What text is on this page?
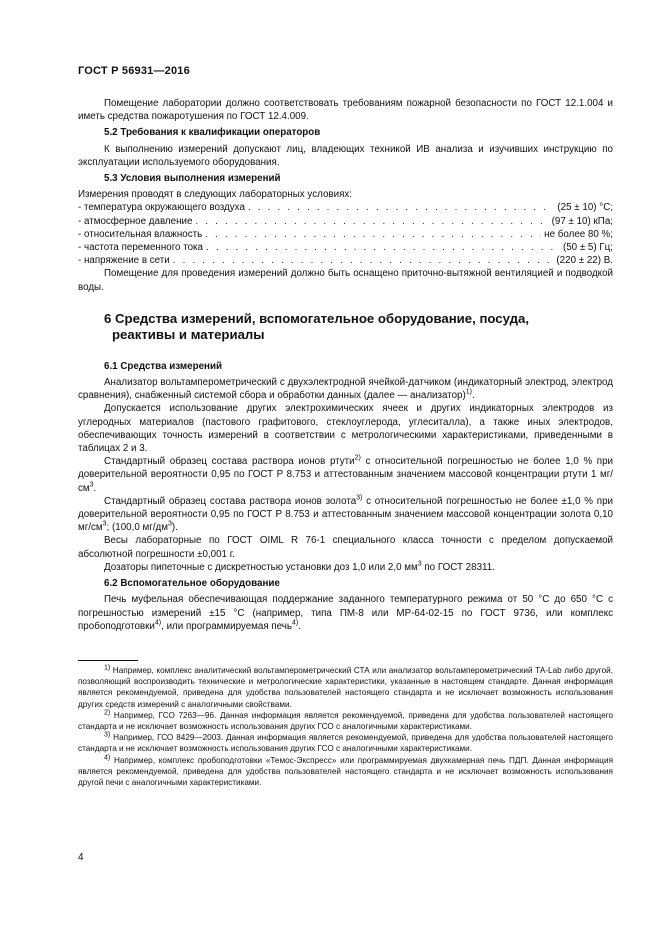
ГОСТ Р 56931—2016

Помещение лаборатории должно соответствовать требованиям пожарной безопасности по ГОСТ 12.1.004 и иметь средства пожаротушения по ГОСТ 12.4.009.

5.2 Требования к квалификации операторов

К выполнению измерений допускают лиц, владеющих техникой ИВ анализа и изучивших инструкцию по эксплуатации используемого оборудования.

5.3 Условия выполнения измерений

Измерения проводят в следующих лабораторных условиях:

- температура окружающего воздуха . . .	(25 ± 10) °С;
- атмосферное давление . . .	(97 ± 10) кПа;
- относительная влажность . . .	не более 80 %;
- частота переменного тока . . .	(50 ± 5) Гц;
- напряжение в сети . . .	(220 ± 22) В.

Помещение для проведения измерений должно быть оснащено приточно-вытяжной вентиляцией и подводкой воды.

6 Средства измерений, вспомогательное оборудование, посуда,
реактивы и материалы

6.1 Средства измерений

Анализатор вольтамперометрический с двухэлектродной ячейкой-датчиком (индикаторный электрод, электрод сравнения), снабженный системой сбора и обработки данных (далее — анализатор)$^{1)}$.

Допускается использование других электрохимических ячеек и других индикаторных электродов из углеродных материалов (пастового графитового, стеклоуглерода, углеситалла), а также иных электродов, обеспечивающих точность измерений в соответствии с метрологическими характеристиками, приведенными в таблицах 2 и 3.

Стандартный образец состава раствора ионов ртути$^{2)}$ с относительной погрешностью не более 1,0 % при доверительной вероятности 0,95 по ГОСТ Р 8.753 и аттестованным значением массовой концентрации ртути 1 $мг/см^3$.

Стандартный образец состава раствора ионов золота$^{3)}$ с относительной погрешностью не более ±1,0 % при доверительной вероятности 0,95 по ГОСТ Р 8.753 и аттестованным значением массовой концентрации золота 0,10 $мг/см^3$; (100,0 $мг/дм^3$).

Весы лабораторные по ГОСТ OIML R 76-1 специального класса точности с пределом допускаемой абсолютной погрешности ±0,001 г.

Дозаторы пипеточные с дискретностью установки доз 1,0 или 2,0 $мм^3$ по ГОСТ 28311.

6.2 Вспомогательное оборудование

Печь муфельная обеспечивающая поддержание заданного температурного режима от 50 °С до 650 °С с погрешностью измерений ±15 °С (например, типа ПМ-8 или МР-64-02-15 по ГОСТ 9736, или комплекс пробоподготовки$^{4)}$, или программируемая печь$^{4)}$.

$^{1)}$ Например, комплекс аналитический вольтамперометрический СТА или анализатор вольтамперометрический ТА-Lab либо другой, позволяющий воспроизводить технические и метрологические характеристики, указанные в настоящем стандарте. Данная информация является рекомендуемой, приведена для удобства пользователей настоящего стандарта и не исключает возможность использования других средств измерений с аналогичными свойствами.

$^{2)}$ Например, ГСО 7263—96. Данная информация является рекомендуемой, приведена для удобства пользователей настоящего стандарта и не исключает возможность использования других ГСО с аналогичными характеристиками.

$^{3)}$ Например, ГСО 8429—2003. Данная информация является рекомендуемой, приведена для удобства пользователей настоящего стандарта и не исключает возможность использования других ГСО с аналогичными характеристиками.

$^{4)}$ Например, комплекс пробоподготовки «Темос-Экспресс» или программируемая двухкамерная печь ПДП. Данная информация является рекомендуемой, приведена для удобства пользователей настоящего стандарта и не исключает возможность использования другой печи с аналогичными характеристиками.

4
